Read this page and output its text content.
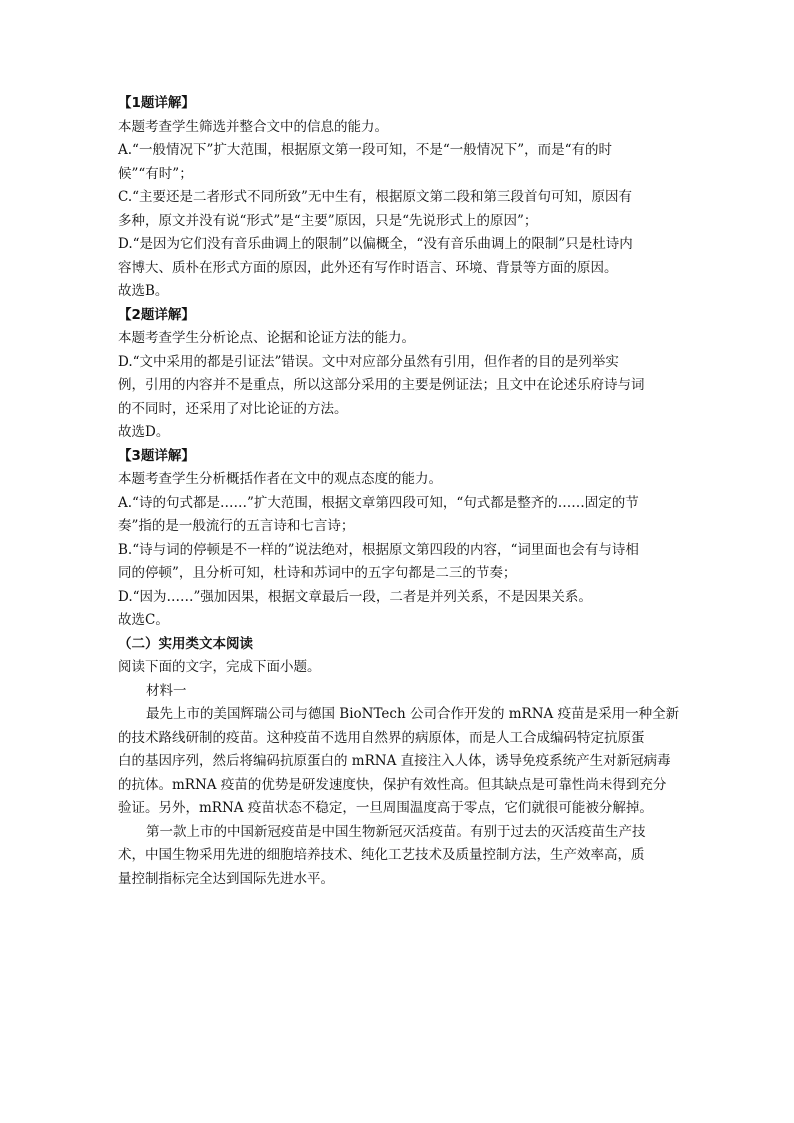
【1题详解】
本题考查学生筛选并整合文中的信息的能力。
A.“一般情况下”扩大范围，根据原文第一段可知，不是“一般情况下”，而是“有的时
候”“有时”；
C.“主要还是二者形式不同所致”无中生有，根据原文第二段和第三段首句可知，原因有
多种，原文并没有说“形式”是“主要”原因，只是“先说形式上的原因”；
D.“是因为它们没有音乐曲调上的限制”以偏概全，“没有音乐曲调上的限制”只是杜诗内
容博大、质朴在形式方面的原因，此外还有写作时语言、环境、背景等方面的原因。
故选B。
【2题详解】
本题考查学生分析论点、论据和论证方法的能力。
D.“文中采用的都是引证法”错误。文中对应部分虽然有引用，但作者的目的是列举实
例，引用的内容并不是重点，所以这部分采用的主要是例证法；且文中在论述乐府诗与词
的不同时，还采用了对比论证的方法。
故选D。
【3题详解】
本题考查学生分析概括作者在文中的观点态度的能力。
A.“诗的句式都是……”扩大范围，根据文章第四段可知，“句式都是整齐的……固定的节
奏”指的是一般流行的五言诗和七言诗；
B.“诗与词的停顿是不一样的”说法绝对，根据原文第四段的内容，“词里面也会有与诗相
同的停顿”，且分析可知，杜诗和苏词中的五字句都是二三的节奏；
D.“因为……”强加因果，根据文章最后一段，二者是并列关系，不是因果关系。
故选C。
（二）实用类文本阅读
阅读下面的文字，完成下面小题。
材料一
最先上市的美国辉瑞公司与德国 BioNTech 公司合作开发的 mRNA 疫苗是采用一种全新
的技术路线研制的疫苗。这种疫苗不选用自然界的病原体，而是人工合成编码特定抗原蛋
白的基因序列，然后将编码抗原蛋白的 mRNA 直接注入人体，诱导免疫系统产生对新冠病毒
的抗体。mRNA 疫苗的优势是研发速度快，保护有效性高。但其缺点是可靠性尚未得到充分
验证。另外，mRNA 疫苗状态不稳定，一旦周围温度高于零点，它们就很可能被分解掉。
第一款上市的中国新冠疫苗是中国生物新冠灭活疫苗。有别于过去的灭活疫苗生产技
术，中国生物采用先进的细胞培养技术、纯化工艺技术及质量控制方法，生产效率高，质
量控制指标完全达到国际先进水平。
